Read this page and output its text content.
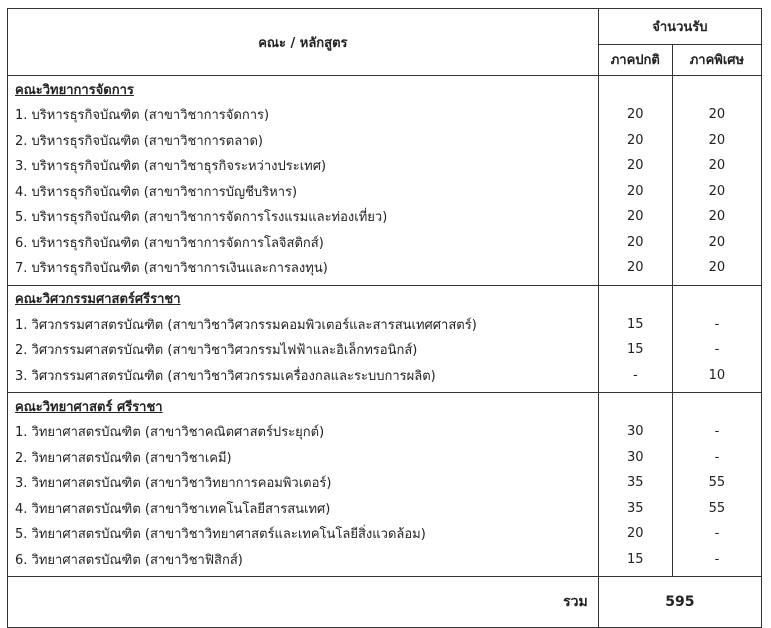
คณะ / หลักสูตร	จำนวนรับ	
	ภาคปกติ	ภาคพิเศษ
คณะวิทยาการจัดการ		
1. บริหารธุรกิจบัณฑิต (สาขาวิชาการจัดการ)	20	20
2. บริหารธุรกิจบัณฑิต (สาขาวิชาการตลาด)	20	20
3. บริหารธุรกิจบัณฑิต (สาขาวิชาธุรกิจระหว่างประเทศ)	20	20
4. บริหารธุรกิจบัณฑิต (สาขาวิชาการบัญชีบริหาร)	20	20
5. บริหารธุรกิจบัณฑิต (สาขาวิชาการจัดการโรงแรมและท่องเที่ยว)	20	20
6. บริหารธุรกิจบัณฑิต (สาขาวิชาการจัดการโลจิสติกส์)	20	20
7. บริหารธุรกิจบัณฑิต (สาขาวิชาการเงินและการลงทุน)	20	20

คณะวิศวกรรมศาสตร์ศรีราชา		
1. วิศวกรรมศาสตรบัณฑิต (สาขาวิชาวิศวกรรมคอมพิวเตอร์และสารสนเทศศาสตร์)	15	-
2. วิศวกรรมศาสตรบัณฑิต (สาขาวิชาวิศวกรรมไฟฟ้าและอิเล็กทรอนิกส์)	15	-
3. วิศวกรรมศาสตรบัณฑิต (สาขาวิชาวิศวกรรมเครื่องกลและระบบการผลิต)	-	10

คณะวิทยาศาสตร์ ศรีราชา		
1. วิทยาศาสตรบัณฑิต (สาขาวิชาคณิตศาสตร์ประยุกต์)	30	-
2. วิทยาศาสตรบัณฑิต (สาขาวิชาเคมี)	30	-
3. วิทยาศาสตรบัณฑิต (สาขาวิชาวิทยาการคอมพิวเตอร์)	35	55
4. วิทยาศาสตรบัณฑิต (สาขาวิชาเทคโนโลยีสารสนเทศ)	35	55
5. วิทยาศาสตรบัณฑิต (สาขาวิชาวิทยาศาสตร์และเทคโนโลยีสิ่งแวดล้อม)	20	-
6. วิทยาศาสตรบัณฑิต (สาขาวิชาฟิสิกส์)	15	-

รวม	595	
